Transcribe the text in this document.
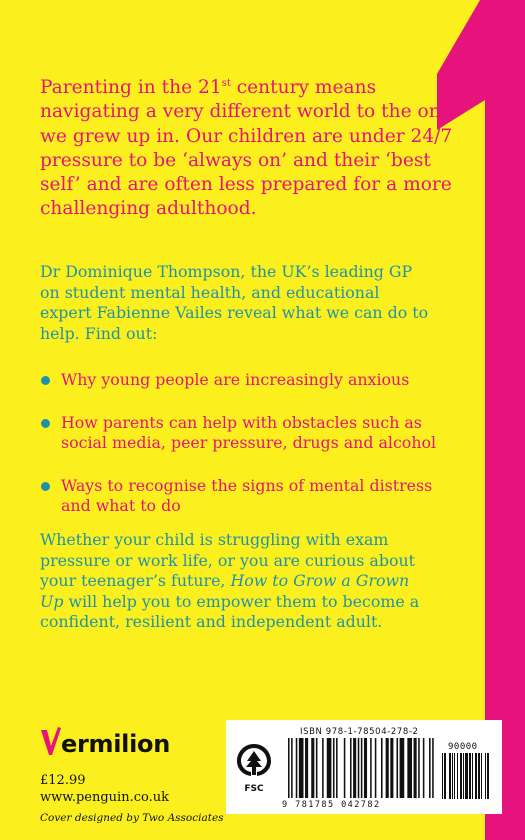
Parenting in the 21st century means navigating a very different world to the one we grew up in. Our children are under 24/7 pressure to be ‘always on’ and their ‘best self’ and are often less prepared for a more challenging adulthood.

Dr Dominique Thompson, the UK’s leading GP on student mental health, and educational expert Fabienne Vailes reveal what we can do to help. Find out:

Why young people are increasingly anxious
How parents can help with obstacles such as social media, peer pressure, drugs and alcohol
Ways to recognise the signs of mental distress and what to do

Whether your child is struggling with exam pressure or work life, or you are curious about your teenager’s future, How to Grow a Grown Up will help you to empower them to become a confident, resilient and independent adult.

ermilion

£12.99

www.penguin.co.uk

Cover designed by Two Associates

FSC
ISBN 978-1-78504-278-2
90000
9 781785 042782
